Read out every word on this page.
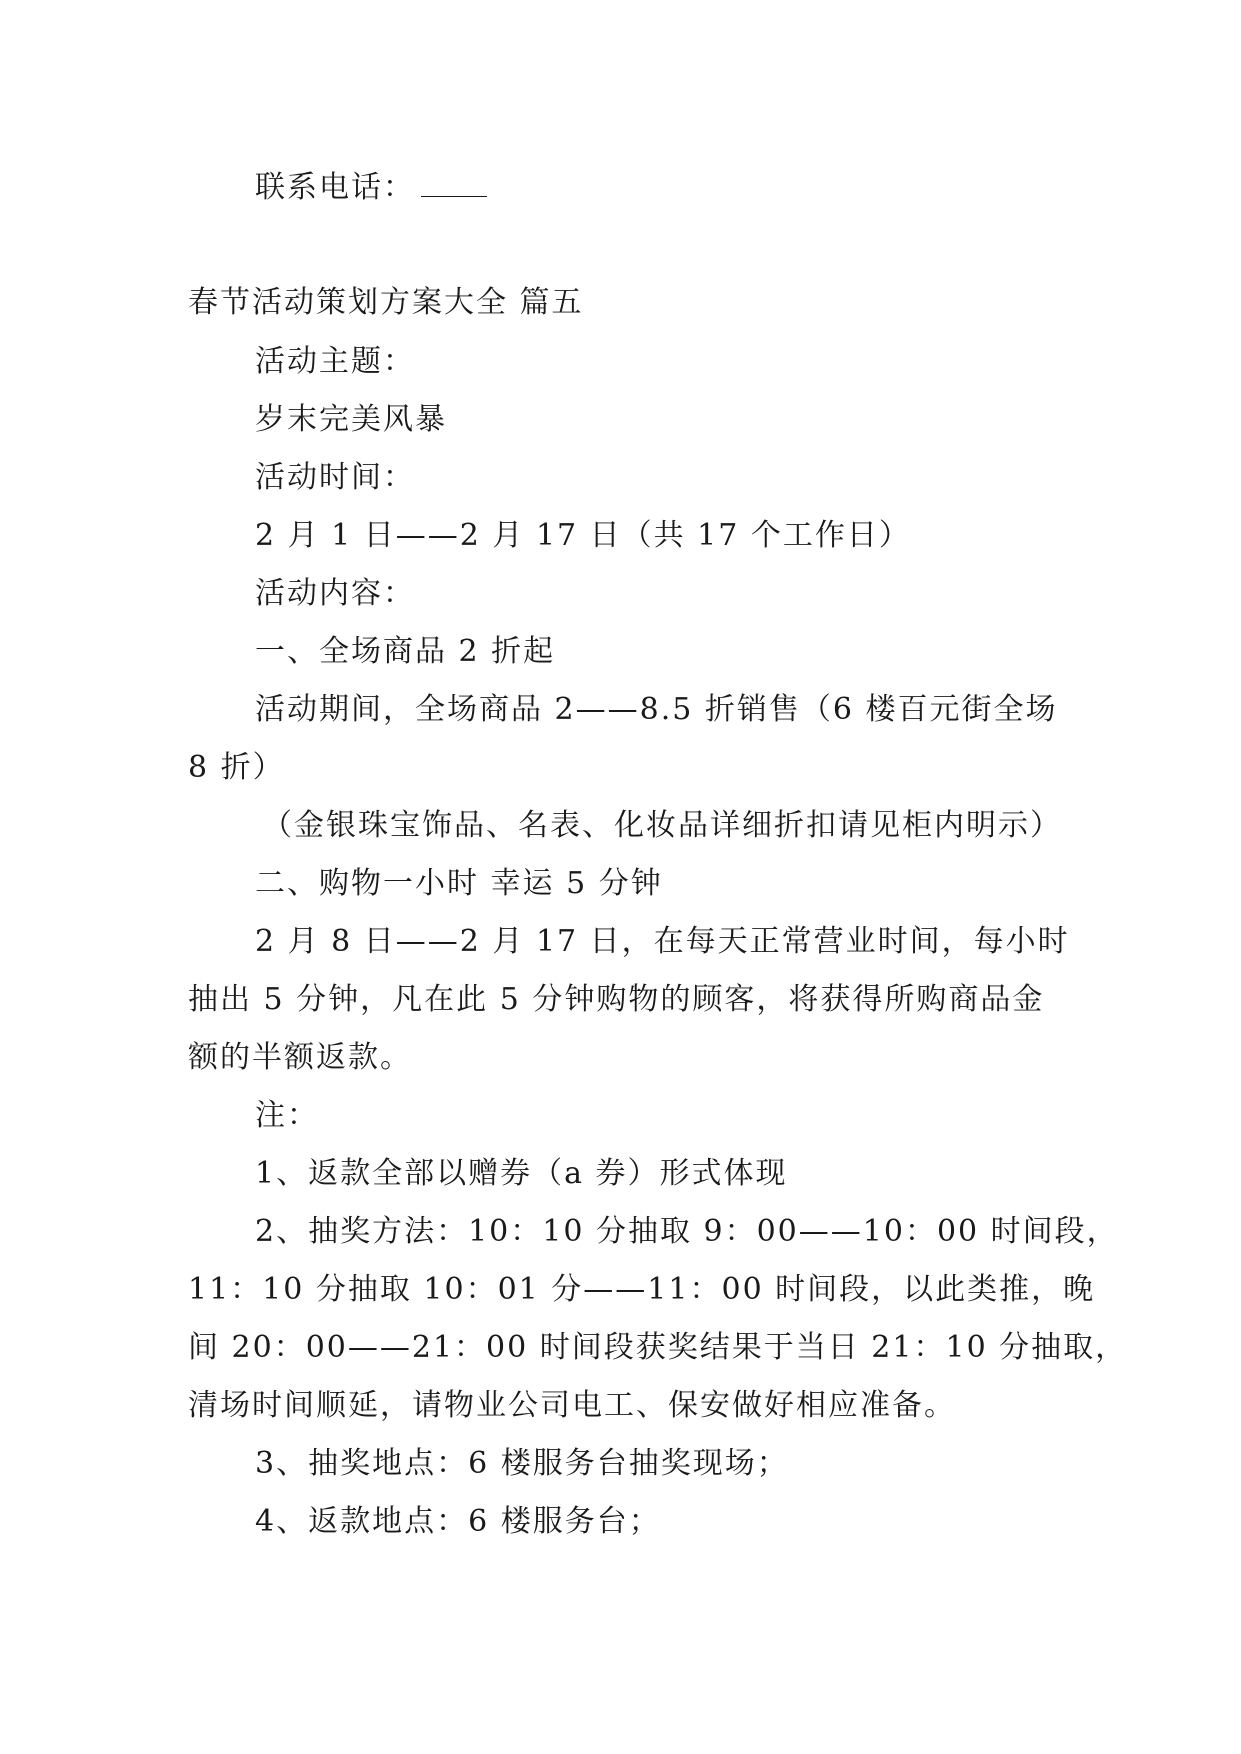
联系电话：
春节活动策划方案大全 篇五
活动主题：
岁末完美风暴
活动时间：
2 月 1 日——2 月 17 日（共 17 个工作日）
活动内容：
一、全场商品 2 折起
活动期间，全场商品 2——8.5 折销售（6 楼百元街全场
8 折）
（金银珠宝饰品、名表、化妆品详细折扣请见柜内明示）
二、购物一小时 幸运 5 分钟
2 月 8 日——2 月 17 日，在每天正常营业时间，每小时
抽出 5 分钟，凡在此 5 分钟购物的顾客，将获得所购商品金
额的半额返款。
注：
1、返款全部以赠券（a 券）形式体现
2、抽奖方法：10：10 分抽取 9：00——10：00 时间段，
11：10 分抽取 10：01 分——11：00 时间段，以此类推，晚
间 20：00——21：00 时间段获奖结果于当日 21：10 分抽取，
清场时间顺延，请物业公司电工、保安做好相应准备。
3、抽奖地点：6 楼服务台抽奖现场；
4、返款地点：6 楼服务台；
